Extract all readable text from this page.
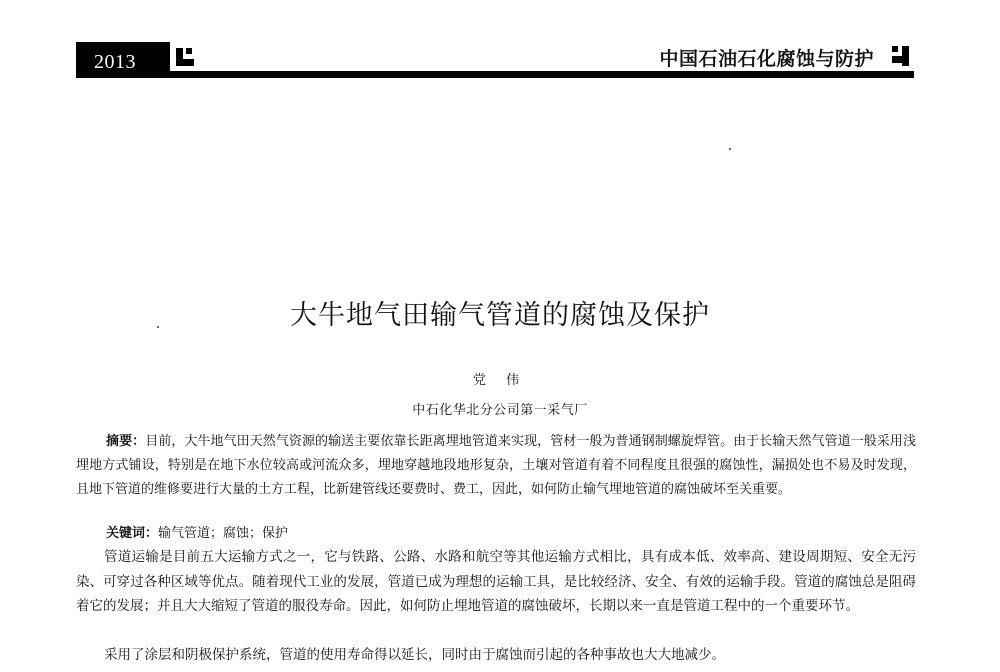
2013	中国石油石化腐蚀与防护
大牛地气田输气管道的腐蚀及保护
党 伟
中石化华北分公司第一采气厂

摘要：目前，大牛地气田天然气资源的输送主要依靠长距离埋地管道来实现，管材一般为普通钢制螺旋焊管。由于长输天然气管道一般采用浅埋地方式铺设，特别是在地下水位较高或河流众多，埋地穿越地段地形复杂，土壤对管道有着不同程度且很强的腐蚀性，漏损处也不易及时发现，且地下管道的维修要进行大量的土方工程，比新建管线还要费时、费工，因此，如何防止输气埋地管道的腐蚀破坏至关重要。

关键词：输气管道；腐蚀；保护

管道运输是目前五大运输方式之一，它与铁路、公路、水路和航空等其他运输方式相比，具有成本低、效率高、建设周期短、安全无污染、可穿过各种区域等优点。随着现代工业的发展，管道已成为理想的运输工具，是比较经济、安全、有效的运输手段。管道的腐蚀总是阻碍着它的发展；并且大大缩短了管道的服役寿命。因此，如何防止埋地管道的腐蚀破坏，长期以来一直是管道工程中的一个重要环节。

采用了涂层和阴极保护系统，管道的使用寿命得以延长，同时由于腐蚀而引起的各种事故也大大地减少。
